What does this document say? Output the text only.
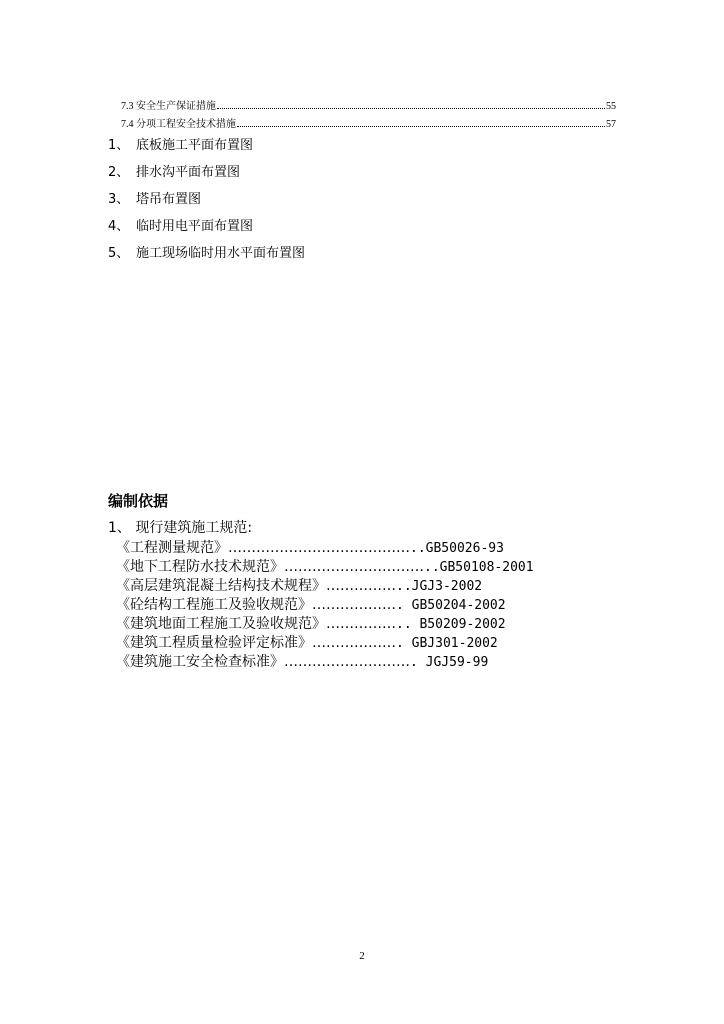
7.3 安全生产保证措施	55
7.4 分项工程安全技术措施	57
1、 底板施工平面布置图
2、 排水沟平面布置图
3、 塔吊布置图
4、 临时用电平面布置图
5、 施工现场临时用水平面布置图
编制依据

1、 现行建筑施工规范:

《工程测量规范》…………………………………..GB50026-93
《地下工程防水技术规范》…………………………..GB50108-2001
《高层建筑混凝土结构技术规程》……………..JGJ3-2002
《砼结构工程施工及验收规范》………………. GB50204-2002
《建筑地面工程施工及验收规范》…………….. B50209-2002
《建筑工程质量检验评定标准》………………. GBJ301-2002
《建筑施工安全检查标准》………………………. JGJ59-99
2
